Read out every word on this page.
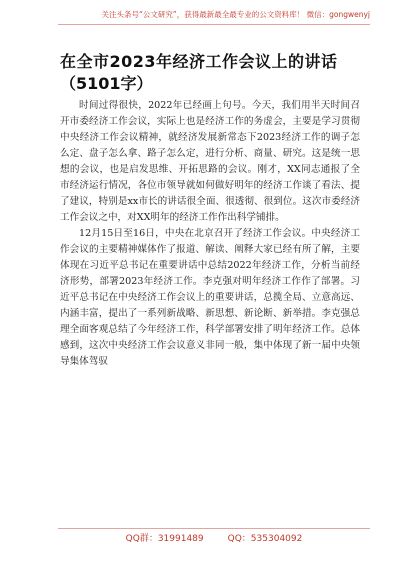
关注头条号“公文研究”，获得最新最全最专业的公文资料库！ 微信：gongwenyj
在全市2023年经济工作会议上的讲话
（5101字）

时间过得很快，2022年已经画上句号。今天，我们用半天时间召开市委经济工作会议，实际上也是经济工作的务虚会，主要是学习贯彻中央经济工作会议精神，就经济发展新常态下2023经济工作的调子怎么定、盘子怎么拿、路子怎么定，进行分析、商量、研究。这是统一思想的会议，也是启发思维、开拓思路的会议。刚才，XX同志通报了全市经济运行情况，各位市领导就如何做好明年的经济工作谈了看法、提了建议，特别是xx市长的讲话很全面、很透彻、很到位。这次市委经济工作会议之中，对XX明年的经济工作作出科学铺排。

12月15日至16日，中央在北京召开了经济工作会议。中央经济工作会议的主要精神媒体作了报道、解读、阐释大家已经有所了解，主要体现在习近平总书记在重要讲话中总结2022年经济工作，分析当前经济形势，部署2023年经济工作。李克强对明年经济工作作了部署。习近平总书记在中央经济工作会议上的重要讲话，总揽全局、立意高远、内涵丰富，提出了一系列新战略、新思想、新论断、新举措。李克强总理全面客观总结了今年经济工作，科学部署安排了明年经济工作。总体感到，这次中央经济工作会议意义非同一般，集中体现了新一届中央领导集体驾驭

QQ群：31991489	QQ：535304092
